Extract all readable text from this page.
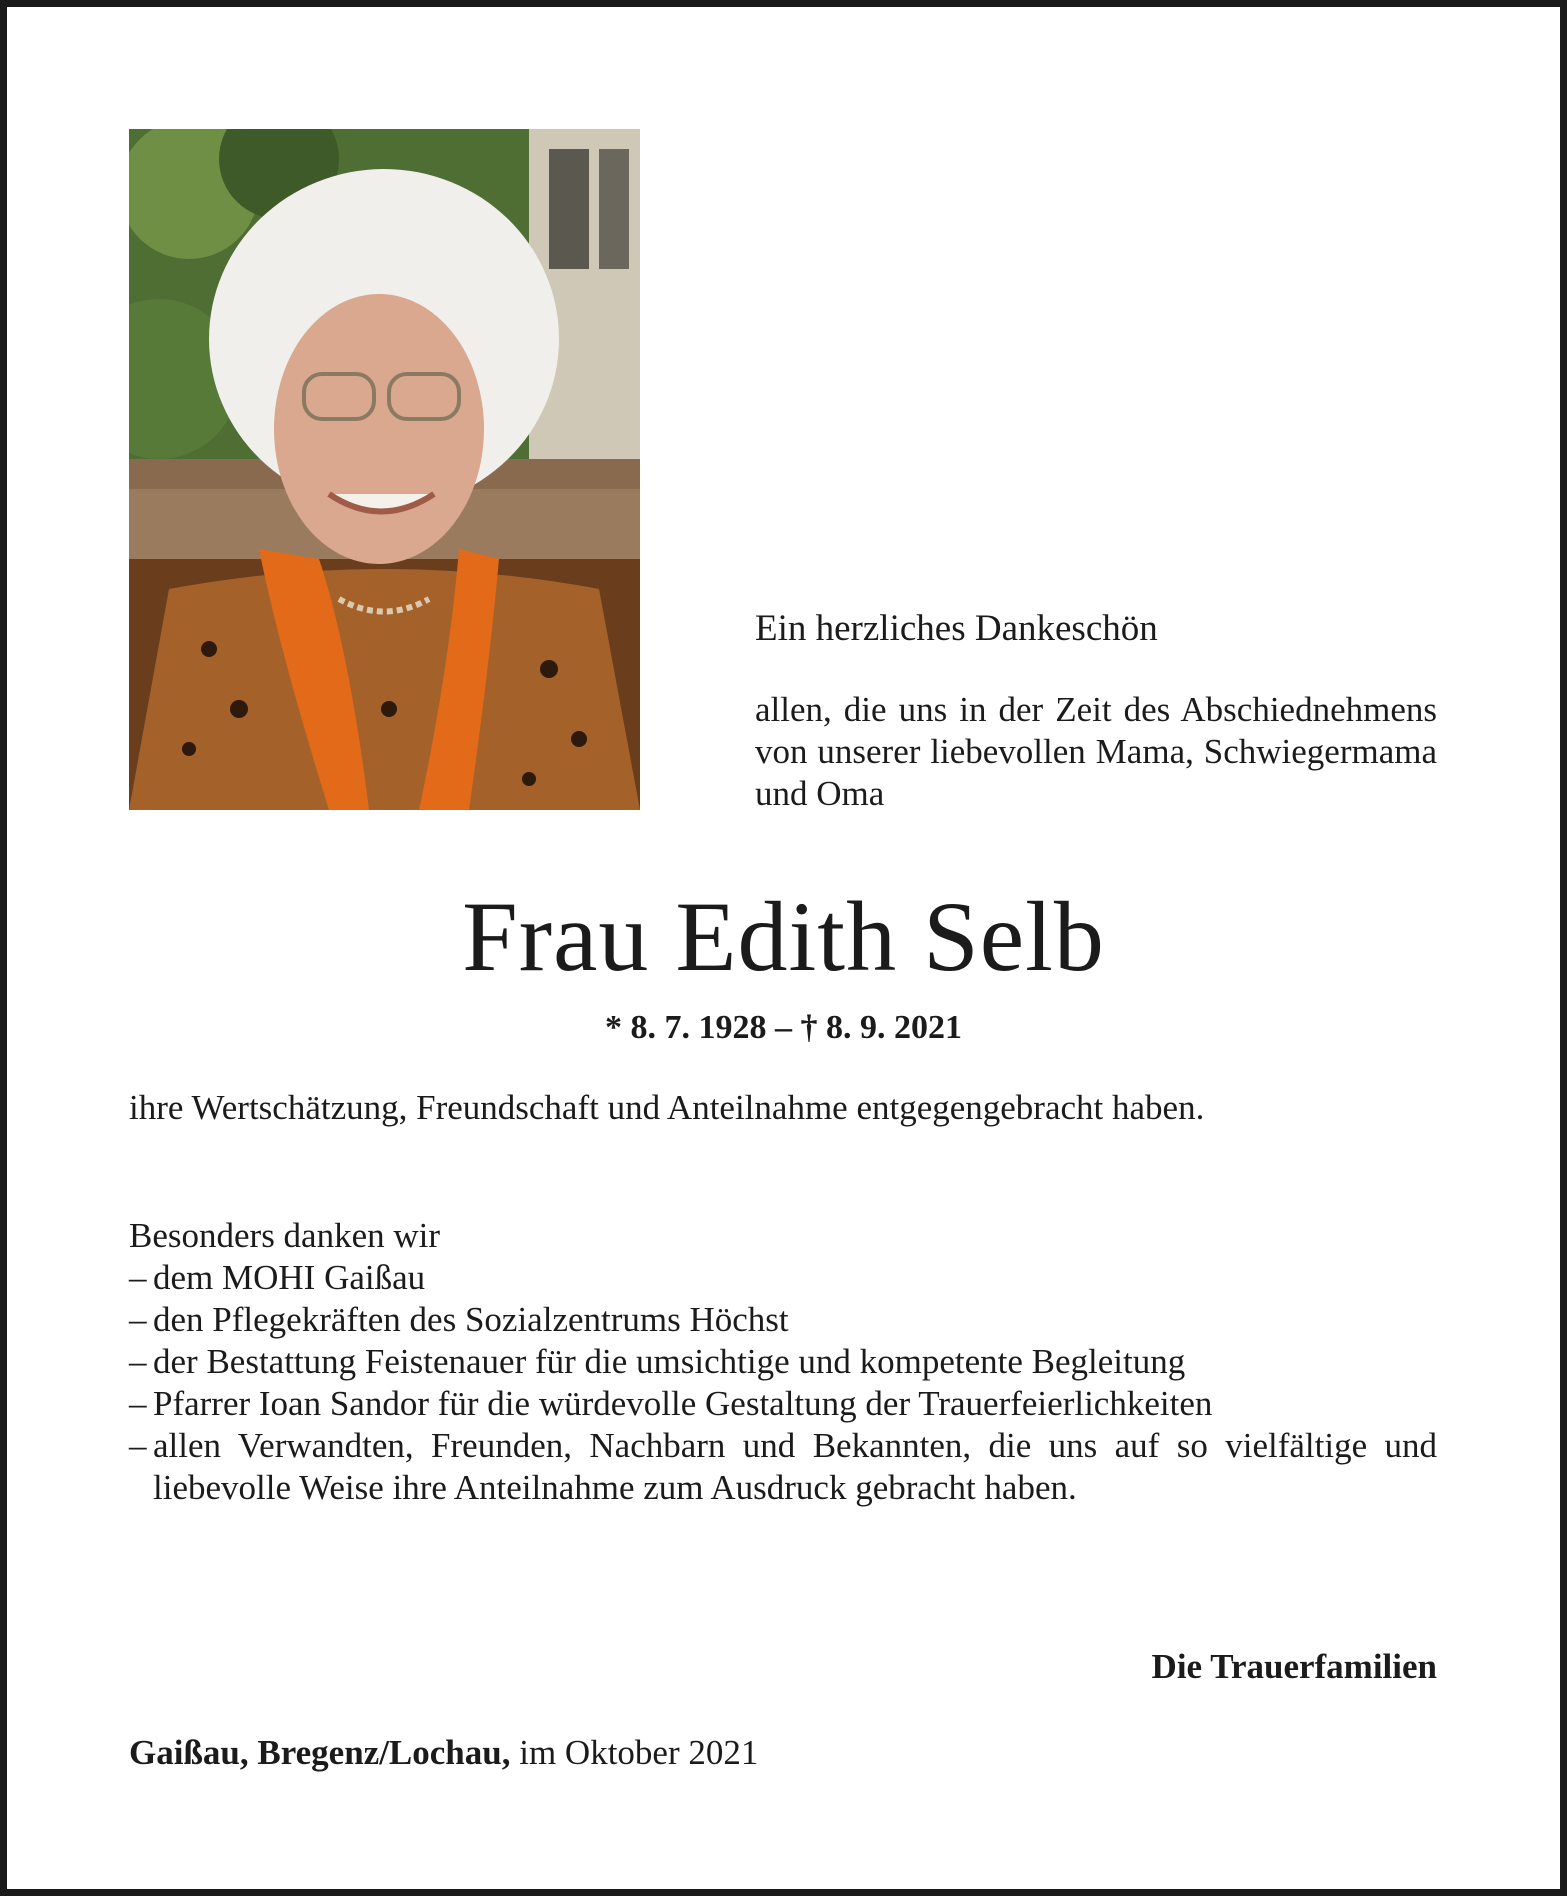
Ein herzliches Dankeschön
allen, die uns in der Zeit des Abschiednehmens von unserer liebevollen Mama, Schwiegermama und Oma
Frau Edith Selb
* 8. 7. 1928 – † 8. 9. 2021
ihre Wertschätzung, Freundschaft und Anteilnahme entgegengebracht haben.
Besonders danken wir
– dem MOHI Gaißau
– den Pflegekräften des Sozialzentrums Höchst
– der Bestattung Feistenauer für die umsichtige und kompetente Begleitung
– Pfarrer Ioan Sandor für die würdevolle Gestaltung der Trauerfeierlichkeiten
– allen Verwandten, Freunden, Nachbarn und Bekannten, die uns auf so vielfältige und liebevolle Weise ihre Anteilnahme zum Ausdruck gebracht haben.
Die Trauerfamilien
Gaißau, Bregenz/Lochau, im Oktober 2021
